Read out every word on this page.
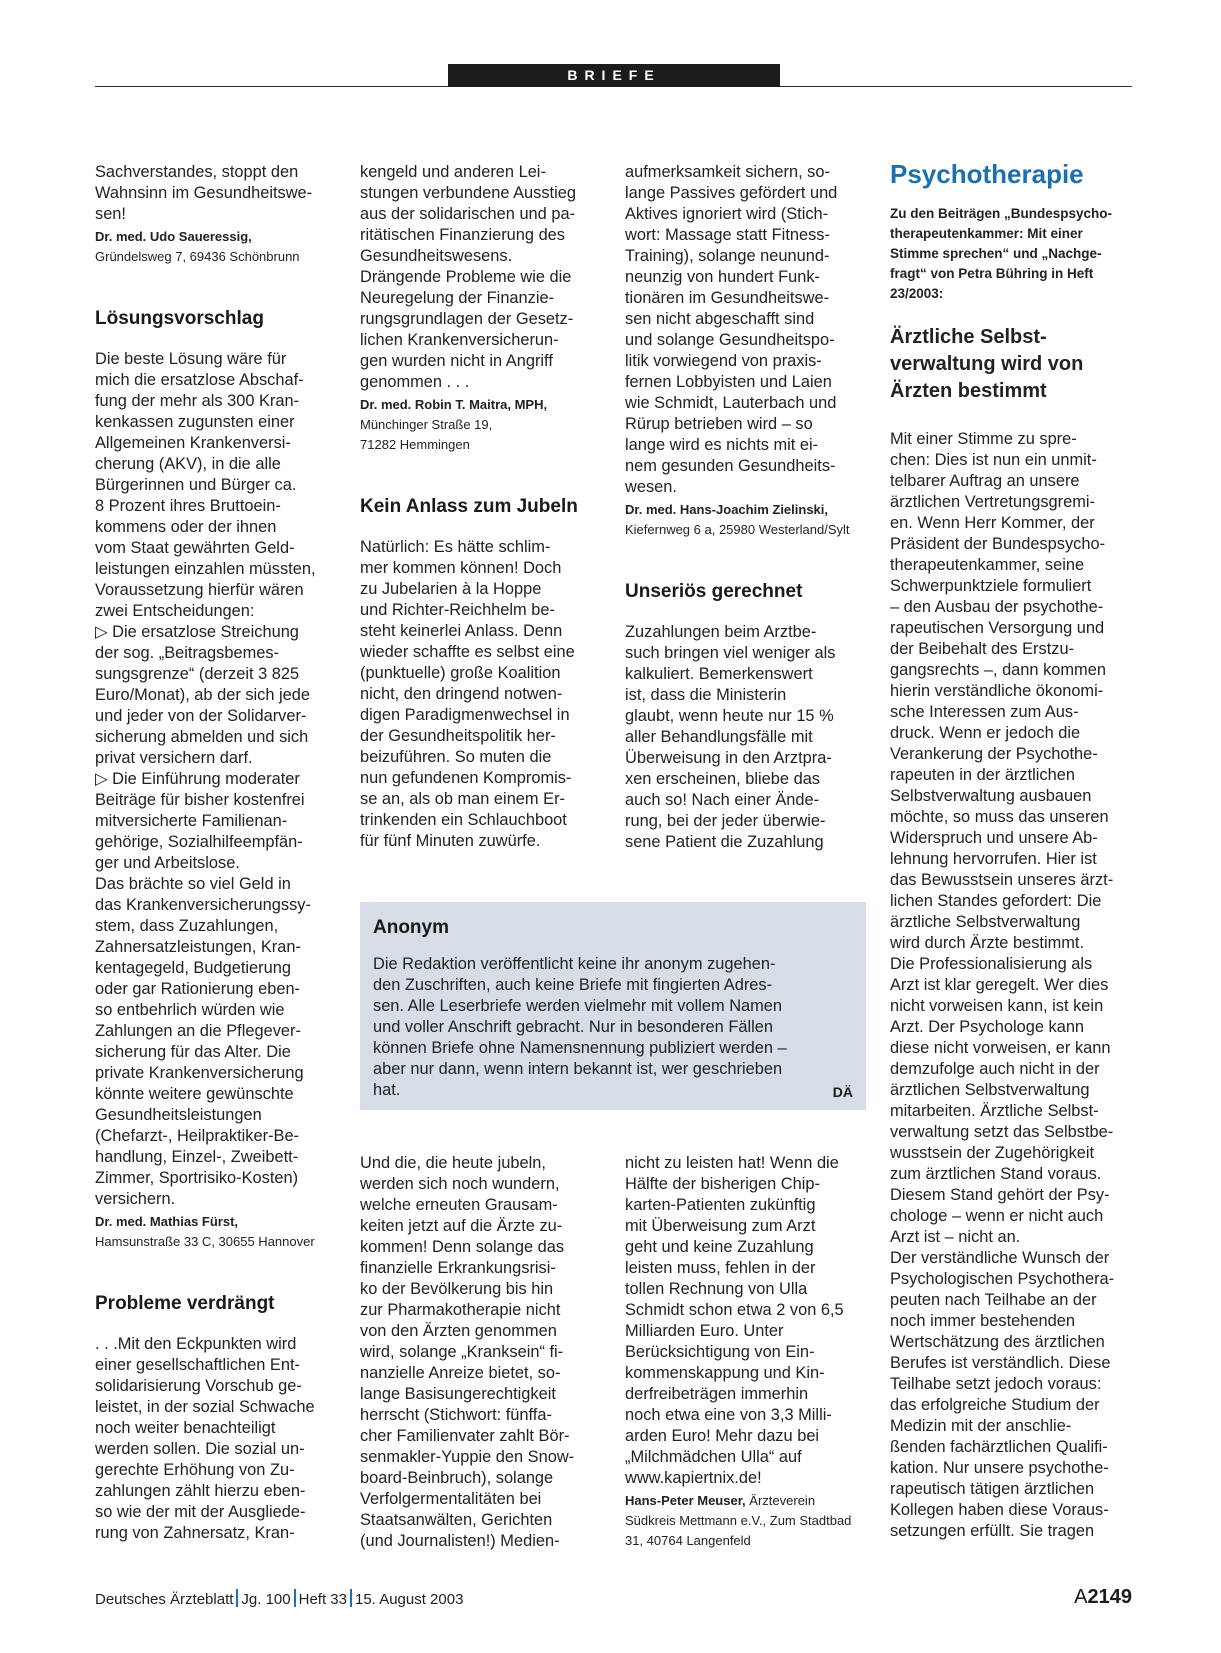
BRIEFE
Sachverstandes, stoppt den
Wahnsinn im Gesundheitswe-
sen!

Dr. med. Udo Saueressig,

Gründelsweg 7, 69436 Schönbrunn

Lösungsvorschlag

Die beste Lösung wäre für
mich die ersatzlose Abschaf-
fung der mehr als 300 Kran-
kenkassen zugunsten einer
Allgemeinen Krankenversi-
cherung (AKV), in die alle
Bürgerinnen und Bürger ca.
8 Prozent ihres Bruttoein-
kommens oder der ihnen
vom Staat gewährten Geld-
leistungen einzahlen müssten,
Voraussetzung hierfür wären
zwei Entscheidungen:
▷ Die ersatzlose Streichung
der sog. „Beitragsbemes-
sungsgrenze“ (derzeit 3 825
Euro/Monat), ab der sich jede
und jeder von der Solidarver-
sicherung abmelden und sich
privat versichern darf.
▷ Die Einführung moderater
Beiträge für bisher kostenfrei
mitversicherte Familienan-
gehörige, Sozialhilfeempfän-
ger und Arbeitslose.
Das brächte so viel Geld in
das Krankenversicherungssy-
stem, dass Zuzahlungen,
Zahnersatzleistungen, Kran-
kentagegeld, Budgetierung
oder gar Rationierung eben-
so entbehrlich würden wie
Zahlungen an die Pflegever-
sicherung für das Alter. Die
private Krankenversicherung
könnte weitere gewünschte
Gesundheitsleistungen
(Chefarzt-, Heilpraktiker-Be-
handlung, Einzel-, Zweibett-
Zimmer, Sportrisiko-Kosten)
versichern.

Dr. med. Mathias Fürst,

Hamsunstraße 33 C, 30655 Hannover

Probleme verdrängt

. . .Mit den Eckpunkten wird
einer gesellschaftlichen Ent-
solidarisierung Vorschub ge-
leistet, in der sozial Schwache
noch weiter benachteiligt
werden sollen. Die sozial un-
gerechte Erhöhung von Zu-
zahlungen zählt hierzu eben-
so wie der mit der Ausgliede-
rung von Zahnersatz, Kran-
kengeld und anderen Lei-
stungen verbundene Ausstieg
aus der solidarischen und pa-
ritätischen Finanzierung des
Gesundheitswesens.
Drängende Probleme wie die
Neuregelung der Finanzie-
rungsgrundlagen der Gesetz-
lichen Krankenversicherun-
gen wurden nicht in Angriff
genommen . . .

Dr. med. Robin T. Maitra, MPH,

Münchinger Straße 19,
71282 Hemmingen

Kein Anlass zum Jubeln

Natürlich: Es hätte schlim-
mer kommen können! Doch
zu Jubelarien à la Hoppe
und Richter-Reichhelm be-
steht keinerlei Anlass. Denn
wieder schaffte es selbst eine
(punktuelle) große Koalition
nicht, den dringend notwen-
digen Paradigmenwechsel in
der Gesundheitspolitik her-
beizuführen. So muten die
nun gefundenen Kompromis-
se an, als ob man einem Er-
trinkenden ein Schlauchboot
für fünf Minuten zuwürfe.
Und die, die heute jubeln,
werden sich noch wundern,
welche erneuten Grausam-
keiten jetzt auf die Ärzte zu-
kommen! Denn solange das
finanzielle Erkrankungsrisi-
ko der Bevölkerung bis hin
zur Pharmakotherapie nicht
von den Ärzten genommen
wird, solange „Kranksein“ fi-
nanzielle Anreize bietet, so-
lange Basisungerechtigkeit
herrscht (Stichwort: fünffa-
cher Familienvater zahlt Bör-
senmakler-Yuppie den Snow-
board-Beinbruch), solange
Verfolgermentalitäten bei
Staatsanwälten, Gerichten
(und Journalisten!) Medien-
aufmerksamkeit sichern, so-
lange Passives gefördert und
Aktives ignoriert wird (Stich-
wort: Massage statt Fitness-
Training), solange neunund-
neunzig von hundert Funk-
tionären im Gesundheitswe-
sen nicht abgeschafft sind
und solange Gesundheitspo-
litik vorwiegend von praxis-
fernen Lobbyisten und Laien
wie Schmidt, Lauterbach und
Rürup betrieben wird – so
lange wird es nichts mit ei-
nem gesunden Gesundheits-
wesen.

Dr. med. Hans-Joachim Zielinski,

Kiefernweg 6 a, 25980 Westerland/Sylt

Unseriös gerechnet

Zuzahlungen beim Arztbe-
such bringen viel weniger als
kalkuliert. Bemerkenswert
ist, dass die Ministerin
glaubt, wenn heute nur 15 %
aller Behandlungsfälle mit
Überweisung in den Arztpra-
xen erscheinen, bliebe das
auch so! Nach einer Ände-
rung, bei der jeder überwie-
sene Patient die Zuzahlung
nicht zu leisten hat! Wenn die
Hälfte der bisherigen Chip-
karten-Patienten zukünftig
mit Überweisung zum Arzt
geht und keine Zuzahlung
leisten muss, fehlen in der
tollen Rechnung von Ulla
Schmidt schon etwa 2 von 6,5
Milliarden Euro. Unter
Berücksichtigung von Ein-
kommenskappung und Kin-
derfreibeträgen immerhin
noch etwa eine von 3,3 Milli-
arden Euro! Mehr dazu bei
„Milchmädchen Ulla“ auf
www.kapiertnix.de!

Hans-Peter Meuser, Ärzteverein

Südkreis Mettmann e.V., Zum Stadtbad
31, 40764 Langenfeld

Psychotherapie

Zu den Beiträgen „Bundespsycho-
therapeutenkammer: Mit einer
Stimme sprechen“ und „Nachge-
fragt“ von Petra Bühring in Heft
23/2003:
Ärztliche Selbst-
verwaltung wird von
Ärzten bestimmt
Mit einer Stimme zu spre-
chen: Dies ist nun ein unmit-
telbarer Auftrag an unsere
ärztlichen Vertretungsgremi-
en. Wenn Herr Kommer, der
Präsident der Bundespsycho-
therapeutenkammer, seine
Schwerpunktziele formuliert
– den Ausbau der psychothe-
rapeutischen Versorgung und
der Beibehalt des Erstzu-
gangsrechts –, dann kommen
hierin verständliche ökonomi-
sche Interessen zum Aus-
druck. Wenn er jedoch die
Verankerung der Psychothe-
rapeuten in der ärztlichen
Selbstverwaltung ausbauen
möchte, so muss das unseren
Widerspruch und unsere Ab-
lehnung hervorrufen. Hier ist
das Bewusstsein unseres ärzt-
lichen Standes gefordert: Die
ärztliche Selbstverwaltung
wird durch Ärzte bestimmt.
Die Professionalisierung als
Arzt ist klar geregelt. Wer dies
nicht vorweisen kann, ist kein
Arzt. Der Psychologe kann
diese nicht vorweisen, er kann
demzufolge auch nicht in der
ärztlichen Selbstverwaltung
mitarbeiten. Ärztliche Selbst-
verwaltung setzt das Selbstbe-
wusstsein der Zugehörigkeit
zum ärztlichen Stand voraus.
Diesem Stand gehört der Psy-
chologe – wenn er nicht auch
Arzt ist – nicht an.
Der verständliche Wunsch der
Psychologischen Psychothera-
peuten nach Teilhabe an der
noch immer bestehenden
Wertschätzung des ärztlichen
Berufes ist verständlich. Diese
Teilhabe setzt jedoch voraus:
das erfolgreiche Studium der
Medizin mit der anschlie-
ßenden fachärztlichen Qualifi-
kation. Nur unsere psychothe-
rapeutisch tätigen ärztlichen
Kollegen haben diese Voraus-
setzungen erfüllt. Sie tragen
Anonym
Die Redaktion veröffentlicht keine ihr anonym zugehen-
den Zuschriften, auch keine Briefe mit fingierten Adres-
sen. Alle Leserbriefe werden vielmehr mit vollem Namen
und voller Anschrift gebracht. Nur in besonderen Fällen
können Briefe ohne Namensnennung publiziert werden –
aber nur dann, wenn intern bekannt ist, wer geschrieben
hat.	DÄ
Deutsches Ärzteblatt Jg. 100 Heft 33 15. August 2003	A2149
